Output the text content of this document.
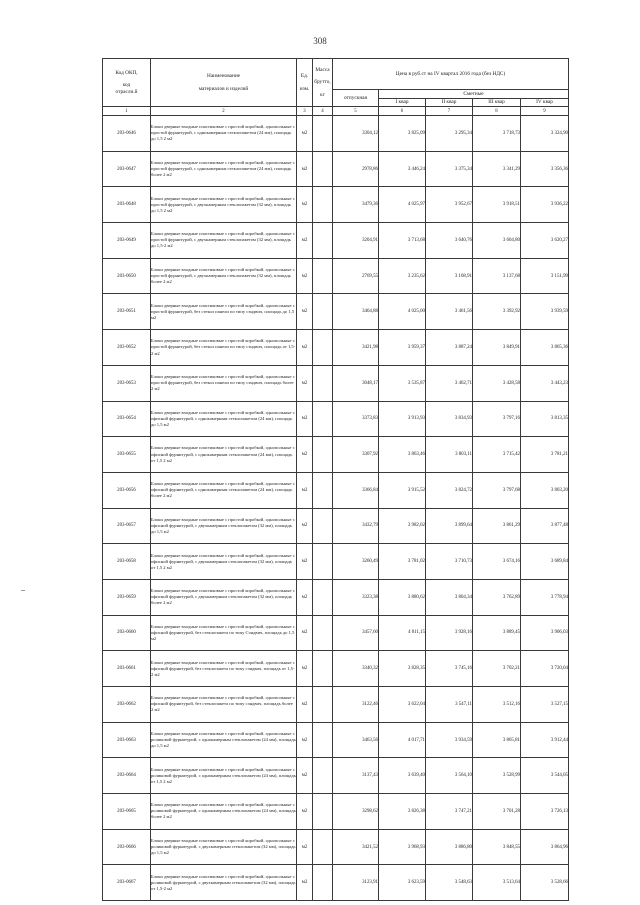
308
Код ОКП,
код
отрасли.й	Наименование
материалов и изделий	Ед.
изм.	Масса
брутто,
кг	Цена в руб.ст на IV квартал 2016 года (без НДС)				
				отпускная	Сметные			
					I квар	II квар	III квар	IV квар
1	2	3	4	5	6	7	8	9
203-0646	Блоки дверные входные пластиковые с простой коробкой, однопольные с простой фурнитурой, с однокамерным стеклопакетом (24 мм), площадь до 1,5 2 м2	м2		3304,12	3 825,09	3 295,34	3 718,73	3 324,90
203-0647	Блоки дверные входные пластиковые с простой коробкой, однопольные с простой фурнитурой, с однокамерным стеклопакетом (24 мм), площадь более 2 м2	м2		2978,86	3 446,24	3 375,34	3 341,29	3 356,36
203-0648	Блоки дверные входные пластиковые с простой коробкой, однопольные с простой фурнитурой, с двухкамерным стеклопакетом (32 мм), площадь до 1,5 2 м2	м2		3479,36	4 025,97	3 952,67	3 918,51	3 936,22
203-0649	Блоки дверные входные пластиковые с простой коробкой, однопольные с простой фурнитурой, с двухкамерным стеклопакетом (32 мм), площадь до 1,5-2 м2	м2		3204,91	3 713,68	3 640,76	3 604,80	3 620,27
203-0650	Блоки дверные входные пластиковые с простой коробкой, однопольные с простой фурнитурой, с двухкамерным стеклопакетом (32 мм), площадь более 2 м2	м2		2769,55	3 235,62	3 168,91	3 137,68	3 151,99
203-0651	Блоки дверные входные пластиковые с простой коробкой, однопольные с простой фурнитурой, без стекол панели по типу сэндвич, площадь до 1,5 м2	м2		3464,88	4 025,00	3 461,56	3 392,92	3 939,59
203-0652	Блоки дверные входные пластиковые с простой коробкой, однопольные с простой фурнитурой, без стекол панели по типу сэндвич, площадь от 1,5-2 м2	м2		3421,98	3 959,37	3 887,24	3 849,91	3 865,36
203-0653	Блоки дверные входные пластиковые с простой коробкой, однопольные с простой фурнитурой, без стекол панели по типу сэндвич, площадь более 2 м2	м2		3048,17	3 535,87	3 462,71	3 428,58	3 443,23
203-0654	Блоки дверные входные пластиковые с простой коробкой, однопольные с офисной фурнитурой, с однокамерным стеклопакетом (24 мм), площадь до 1,5 м2	м2		3373,83	3 913,93	3 834,93	3 797,16	3 813,35
203-0655	Блоки дверные входные пластиковые с простой коробкой, однопольные с офисной фурнитурой, с однокамерным стеклопакетом (24 мм), площадь от 1,5 2 м2	м2		3307,92	3 863,46	3 803,11	3 715,42	3 781,21
203-0656	Блоки дверные входные пластиковые с простой коробкой, однопольные с офисной фурнитурой, с однокамерным стеклопакетом (24 мм), площадь более 2 м2	м2		3366,84	3 915,52	3 824,72	3 797,68	3 803,20
203-0657	Блоки дверные входные пластиковые с простой коробкой, однопольные с офисной фурнитурой, с двухкамерным стеклопакетом (32 мм), площадь до 1,5 м2	м2		3432,79	3 982,02	3 899,64	3 861,29	3 877,48
203-0658	Блоки дверные входные пластиковые с простой коробкой, однопольные с офисной фурнитурой, с двухкамерным стеклопакетом (32 мм), площадь от 1,5 2 м2	м2		3260,49	3 781,02	3 710,73	3 674,16	3 689,84
203-0659	Блоки дверные входные пластиковые с простой коробкой, однопольные с офисной фурнитурой, с двухкамерным стеклопакетом (32 мм), площадь более 2 м2	м2		3323,38	3 880,62	3 804,34	3 762,89	3 778,94
203-0660	Блоки дверные входные пластиковые с простой коробкой, однопольные с офисной фурнитурой, без стеклопакета по типу Сэндвич, площадь до 1,5 м2	м2		3457,60	4 011,15	3 928,16	3 889,45	3 906,03
203-0661	Блоки дверные входные пластиковые с простой коробкой, однопольные с офисной фурнитурой, без стеклопакета по типу сэндвич, площадь от 1,5-2 м2	м2		3340,32	3 828,35	3 745,16	3 702,21	3 720,04
203-0662	Блоки дверные входные пластиковые с простой коробкой, однопольные с офисной фурнитурой, без стеклопакета по типу сэндвич, площадь более 2 м2	м2		3122,46	3 622,04	3 547,11	3 512,16	3 527,15
203-0663	Блоки дверные входные пластиковые с простой коробкой, однопольные с роликовой фурнитурой, с однокамерным стеклопакетом (24 мм), площадь до 1,5 м2	м2		3463,56	4 017,71	3 934,59	3 865,81	3 912,44
203-0664	Блоки дверные входные пластиковые с простой коробкой, однопольные с роликовой фурнитурой, с однокамерным стеклопакетом (24 мм), площадь от 1,5 2 м2	м2		3137,43	3 639,40	3 564,10	3 528,99	3 544,05
203-0665	Блоки дверные входные пластиковые с простой коробкой, однопольные с роликовой фурнитурой, с однокамерным стеклопакетом (24 мм), площадь более 2 м2	м2		3298,62	3 826,38	3 747,21	3 701,28	3 726,13
203-0666	Блоки дверные входные пластиковые с простой коробкой, однопольные с роликовой фурнитурой, с двухкамерным стеклопакетом (32 мм), площадь до 1,5 м2	м2		3421,52	3 968,93	3 886,80	3 848,55	3 864,96
203-0667	Блоки дверные входные пластиковые с простой коробкой, однопольные с роликовой фурнитурой, с двухкамерным стеклопакетом (32 мм), площадь от 1,5-2 м2	м2		3123,91	3 623,59	3 548,63	3 513,64	3 528,66
